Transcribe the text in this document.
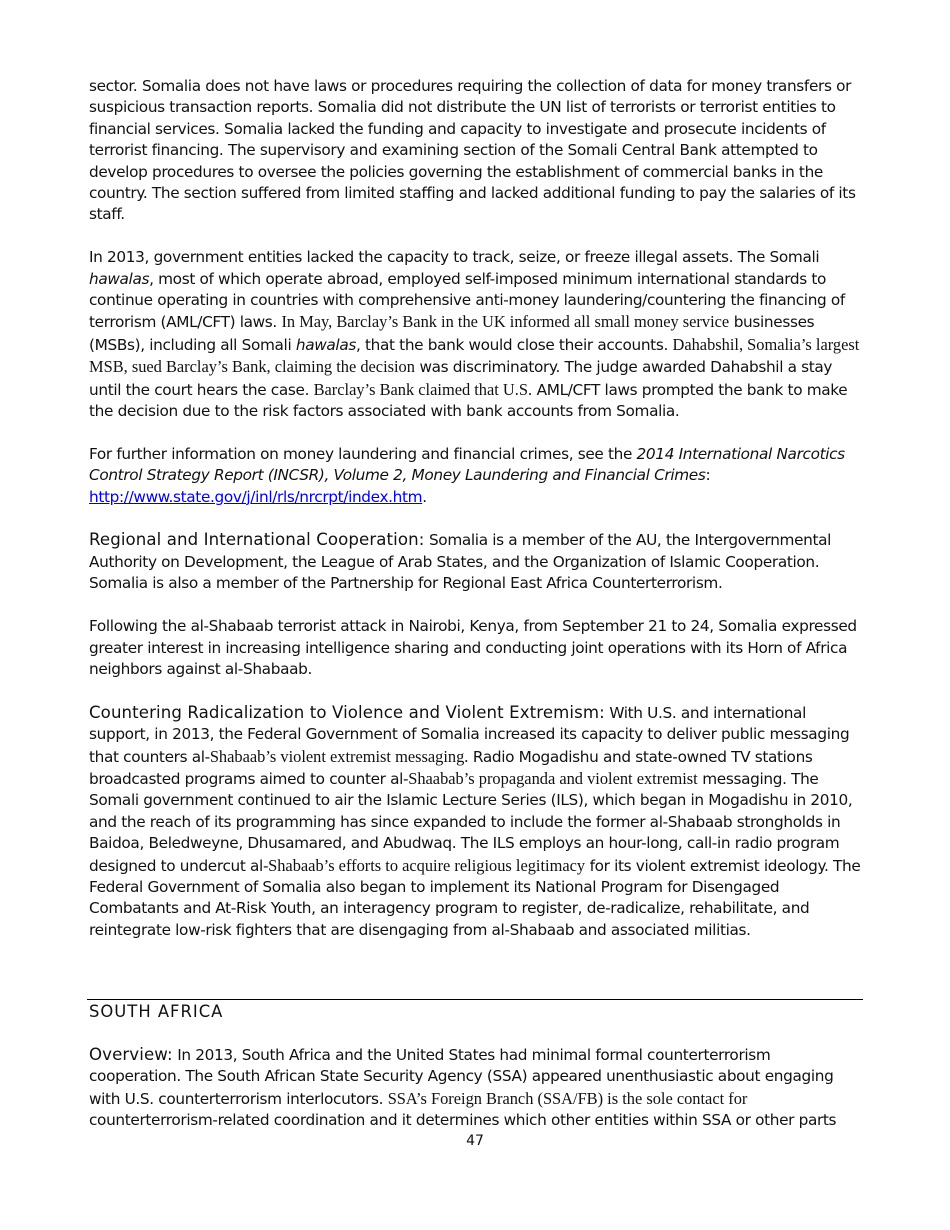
sector. Somalia does not have laws or procedures requiring the collection of data for money transfers or suspicious transaction reports. Somalia did not distribute the UN list of terrorists or terrorist entities to financial services. Somalia lacked the funding and capacity to investigate and prosecute incidents of terrorist financing. The supervisory and examining section of the Somali Central Bank attempted to develop procedures to oversee the policies governing the establishment of commercial banks in the country. The section suffered from limited staffing and lacked additional funding to pay the salaries of its staff.

In 2013, government entities lacked the capacity to track, seize, or freeze illegal assets. The Somali hawalas, most of which operate abroad, employed self-imposed minimum international standards to continue operating in countries with comprehensive anti-money laundering/countering the financing of terrorism (AML/CFT) laws. In May, Barclay’s Bank in the UK informed all small money service businesses (MSBs), including all Somali hawalas, that the bank would close their accounts. Dahabshil, Somalia’s largest MSB, sued Barclay’s Bank, claiming the decision was discriminatory. The judge awarded Dahabshil a stay until the court hears the case. Barclay’s Bank claimed that U.S. AML/CFT laws prompted the bank to make the decision due to the risk factors associated with bank accounts from Somalia.

For further information on money laundering and financial crimes, see the 2014 International Narcotics Control Strategy Report (INCSR), Volume 2, Money Laundering and Financial Crimes:
http://www.state.gov/j/inl/rls/nrcrpt/index.htm.

Regional and International Cooperation: Somalia is a member of the AU, the Intergovernmental Authority on Development, the League of Arab States, and the Organization of Islamic Cooperation. Somalia is also a member of the Partnership for Regional East Africa Counterterrorism.

Following the al-Shabaab terrorist attack in Nairobi, Kenya, from September 21 to 24, Somalia expressed greater interest in increasing intelligence sharing and conducting joint operations with its Horn of Africa neighbors against al-Shabaab.

Countering Radicalization to Violence and Violent Extremism: With U.S. and international support, in 2013, the Federal Government of Somalia increased its capacity to deliver public messaging that counters al-Shabaab’s violent extremist messaging. Radio Mogadishu and state-owned TV stations broadcasted programs aimed to counter al-Shaabab’s propaganda and violent extremist messaging. The Somali government continued to air the Islamic Lecture Series (ILS), which began in Mogadishu in 2010, and the reach of its programming has since expanded to include the former al-Shabaab strongholds in Baidoa, Beledweyne, Dhusamared, and Abudwaq. The ILS employs an hour-long, call-in radio program designed to undercut al-Shabaab’s efforts to acquire religious legitimacy for its violent extremist ideology. The Federal Government of Somalia also began to implement its National Program for Disengaged Combatants and At-Risk Youth, an interagency program to register, de-radicalize, rehabilitate, and reintegrate low-risk fighters that are disengaging from al-Shabaab and associated militias.

SOUTH AFRICA
Overview: In 2013, South Africa and the United States had minimal formal counterterrorism cooperation. The South African State Security Agency (SSA) appeared unenthusiastic about engaging with U.S. counterterrorism interlocutors. SSA’s Foreign Branch (SSA/FB) is the sole contact for counterterrorism-related coordination and it determines which other entities within SSA or other parts
47
